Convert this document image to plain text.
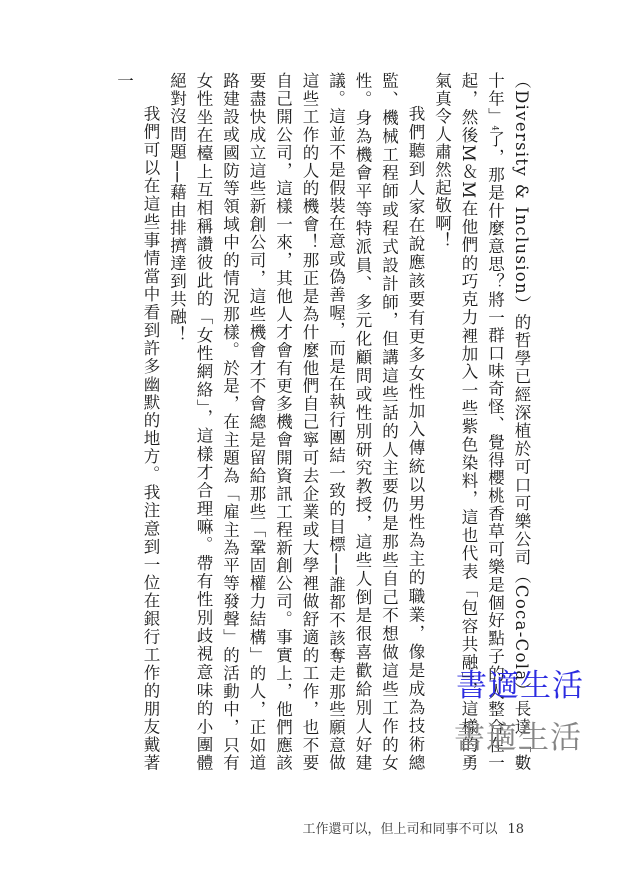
（Diversity & Inclusion）的哲學已經深植於可口可樂公司（Coca-Cola）長達「數十年」4了，那是什麼意思？將一群口味奇怪、覺得櫻桃香草可樂是個好點子的人整合在一起，然後M＆M在他們的巧克力裡加入一些紫色染料，這也代表「包容共融」，這樣的勇氣真令人肅然起敬啊！

我們聽到人家在說應該要有更多女性加入傳統以男性為主的職業，像是成為技術總監、機械工程師或程式設計師，但講這些話的人主要仍是那些自己不想做這些工作的女性。身為機會平等特派員、多元化顧問或性別研究教授，這些人倒是很喜歡給別人好建議。這並不是假裝在意或偽善喔，而是在執行團結一致的目標──誰都不該奪走那些願意做這些工作的人的機會！那正是為什麼他們自己寧可去企業或大學裡做舒適的工作，也不要自己開公司，這樣一來，其他人才會有更多機會開資訊工程新創公司。事實上，他們應該要盡快成立這些新創公司，這些機會才不會總是留給那些「鞏固權力結構」的人，正如道路建設或國防等領域中的情況那樣。於是，在主題為「雇主為平等發聲」的活動中，只有女性坐在檯上互相稱讚彼此的「女性網絡」，這樣才合理嘛。帶有性別歧視意味的小團體絕對沒問題──藉由排擠達到共融！

我們可以在這些事情當中看到許多幽默的地方。我注意到一位在銀行工作的朋友戴著一

書適生活
書適生活
工作還可以，但上司和同事不可以 18
